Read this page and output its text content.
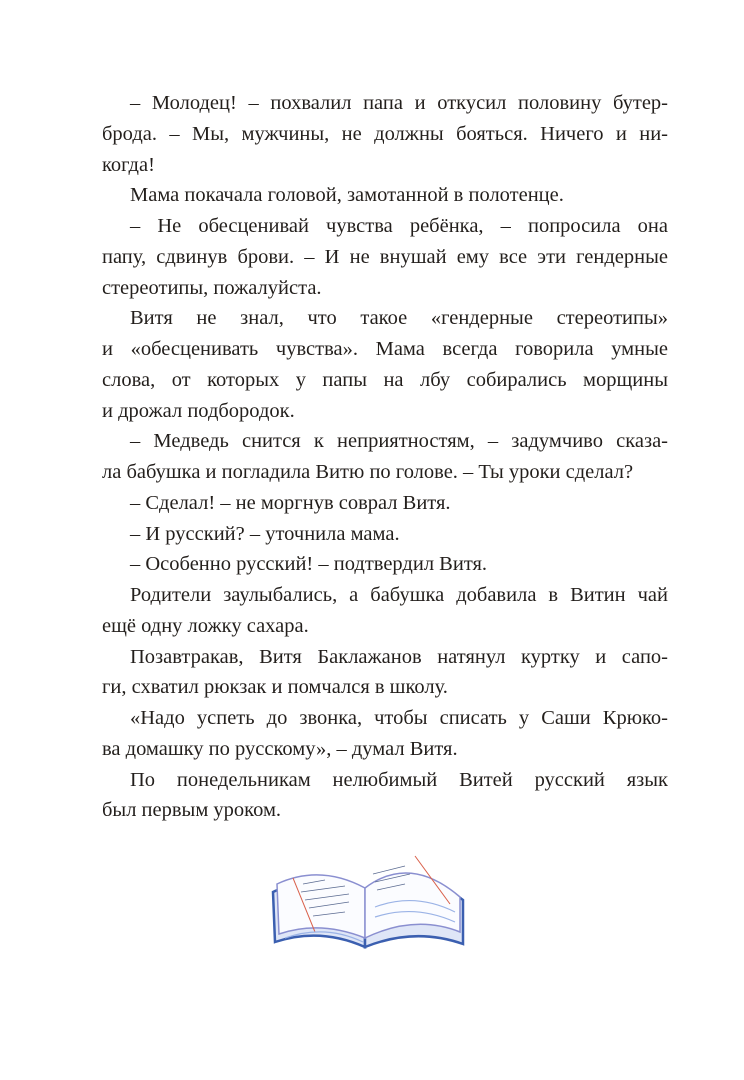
– Молодец! – похвалил папа и откусил половину бутер-
брода. – Мы, мужчины, не должны бояться. Ничего и ни-
когда!
Мама покачала головой, замотанной в полотенце.
– Не обесценивай чувства ребёнка, – попросила она
папу, сдвинув брови. – И не внушай ему все эти гендерные
стереотипы, пожалуйста.
Витя не знал, что такое «гендерные стереотипы»
и «обесценивать чувства». Мама всегда говорила умные
слова, от которых у папы на лбу собирались морщины
и дрожал подбородок.
– Медведь снится к неприятностям, – задумчиво сказа-
ла бабушка и погладила Витю по голове. – Ты уроки сделал?
– Сделал! – не моргнув соврал Витя.
– И русский? – уточнила мама.
– Особенно русский! – подтвердил Витя.
Родители заулыбались, а бабушка добавила в Витин чай
ещё одну ложку сахара.
Позавтракав, Витя Баклажанов натянул куртку и сапо-
ги, схватил рюкзак и помчался в школу.
«Надо успеть до звонка, чтобы списать у Саши Крюко-
ва домашку по русскому», – думал Витя.
По понедельникам нелюбимый Витей русский язык
был первым уроком.
